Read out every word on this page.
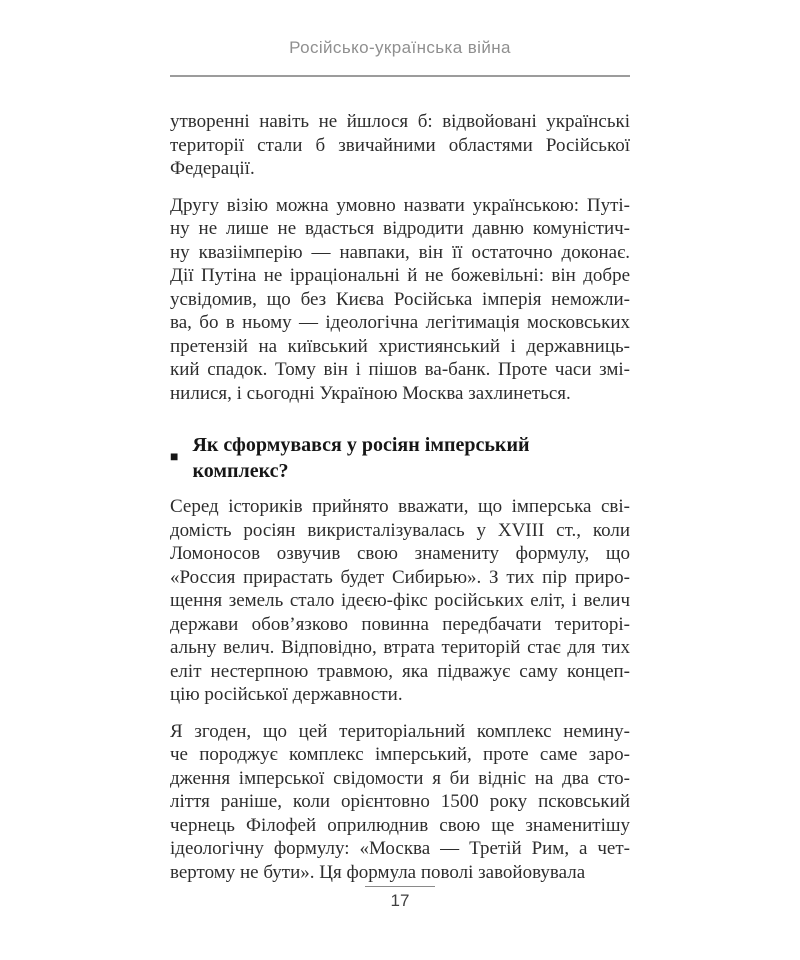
Російсько-українська війна

утворенні навіть не йшлося б: відвойовані українські
території стали б звичайними областями Російської
Федерації.

Другу візію можна умовно назвати українською: Путі-
ну не лише не вдасться відродити давню комуністич-
ну квазіімперію — навпаки, він її остаточно доконає.
Дії Путіна не ірраціональні й не божевільні: він добре
усвідомив, що без Києва Російська імперія неможли-
ва, бо в ньому — ідеологічна легітимація московських
претензій на київський християнський і державниць-
кий спадок. Тому він і пішов ва-банк. Проте часи змі-
нилися, і сьогодні Україною Москва захлинеться.

■
Як сформувався у росіян імперський комплекс?

Серед істориків прийнято вважати, що імперська сві-
домість росіян викристалізувалась у XVIII ст., коли
Ломоносов озвучив свою знамениту формулу, що
«Россия прирастать будет Сибирью». З тих пір приро-
щення земель стало ідеєю-фікс російських еліт, і велич
держави обов’язково повинна передбачати територі-
альну велич. Відповідно, втрата територій стає для тих
еліт нестерпною травмою, яка підважує саму концеп-
цію російської державности.

Я згоден, що цей територіальний комплекс немину-
че породжує комплекс імперський, проте саме заро-
дження імперської свідомости я би відніс на два сто-
ліття раніше, коли орієнтовно 1500 року псковський
чернець Філофей оприлюднив свою ще знаменитішу
ідеологічну формулу: «Москва — Третій Рим, а чет-
вертому не бути». Ця формула поволі завойовувала

17
